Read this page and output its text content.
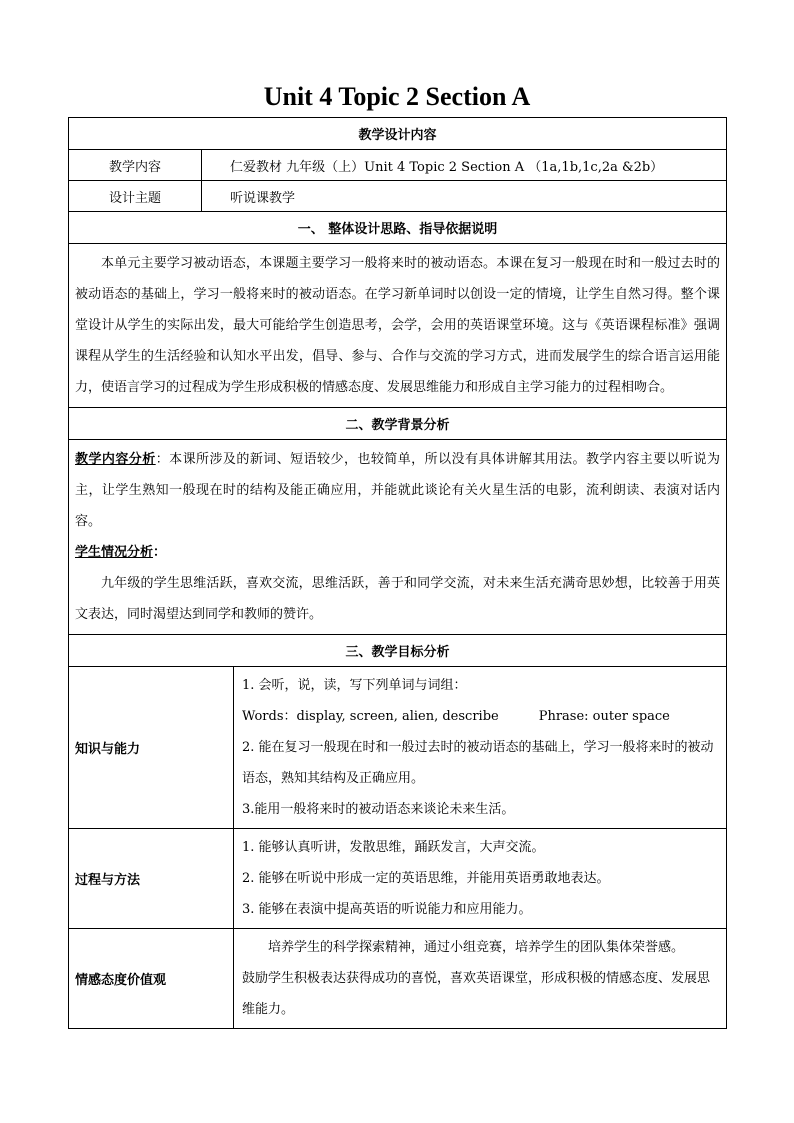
Unit 4 Topic 2 Section A
教学设计内容		
教学内容	仁爱教材 九年级（上）Unit 4 Topic 2 Section A （1a,1b,1c,2a &2b）	
设计主题	听说课教学	
一、 整体设计思路、指导依据说明		

本单元主要学习被动语态，本课题主要学习一般将来时的被动语态。本课在复习一般现在时和一般过去时的被动语态的基础上，学习一般将来时的被动语态。在学习新单词时以创设一定的情境，让学生自然习得。整个课堂设计从学生的实际出发，最大可能给学生创造思考，会学，会用的英语课堂环境。这与《英语课程标准》强调课程从学生的生活经验和认知水平出发，倡导、参与、合作与交流的学习方式，进而发展学生的综合语言运用能力，使语言学习的过程成为学生形成积极的情感态度、发展思维能力和形成自主学习能力的过程相吻合。		

二、教学背景分析		

教学内容分析：本课所涉及的新词、短语较少，也较简单，所以没有具体讲解其用法。教学内容主要以听说为主，让学生熟知一般现在时的结构及能正确应用，并能就此谈论有关火星生活的电影，流利朗读、表演对话内容。

学生情况分析：

九年级的学生思维活跃，喜欢交流，思维活跃，善于和同学交流，对未来生活充满奇思妙想，比较善于用英文表达，同时渴望达到同学和教师的赞许。		

三、教学目标分析		
知识与能力		1. 会听，说，读，写下列单词与词组：

Words：display, screen, alien, describe Phrase: outer space

2. 能在复习一般现在时和一般过去时的被动语态的基础上，学习一般将来时的被动语态，熟知其结构及正确应用。

3.能用一般将来时的被动语态来谈论未来生活。

过程与方法		1. 能够认真听讲，发散思维，踊跃发言，大声交流。

2. 能够在听说中形成一定的英语思维，并能用英语勇敢地表达。

3. 能够在表演中提高英语的听说能力和应用能力。

情感态度价值观		培养学生的科学探索精神，通过小组竞赛，培养学生的团队集体荣誉感。

鼓励学生积极表达获得成功的喜悦，喜欢英语课堂，形成积极的情感态度、发展思维能力。
